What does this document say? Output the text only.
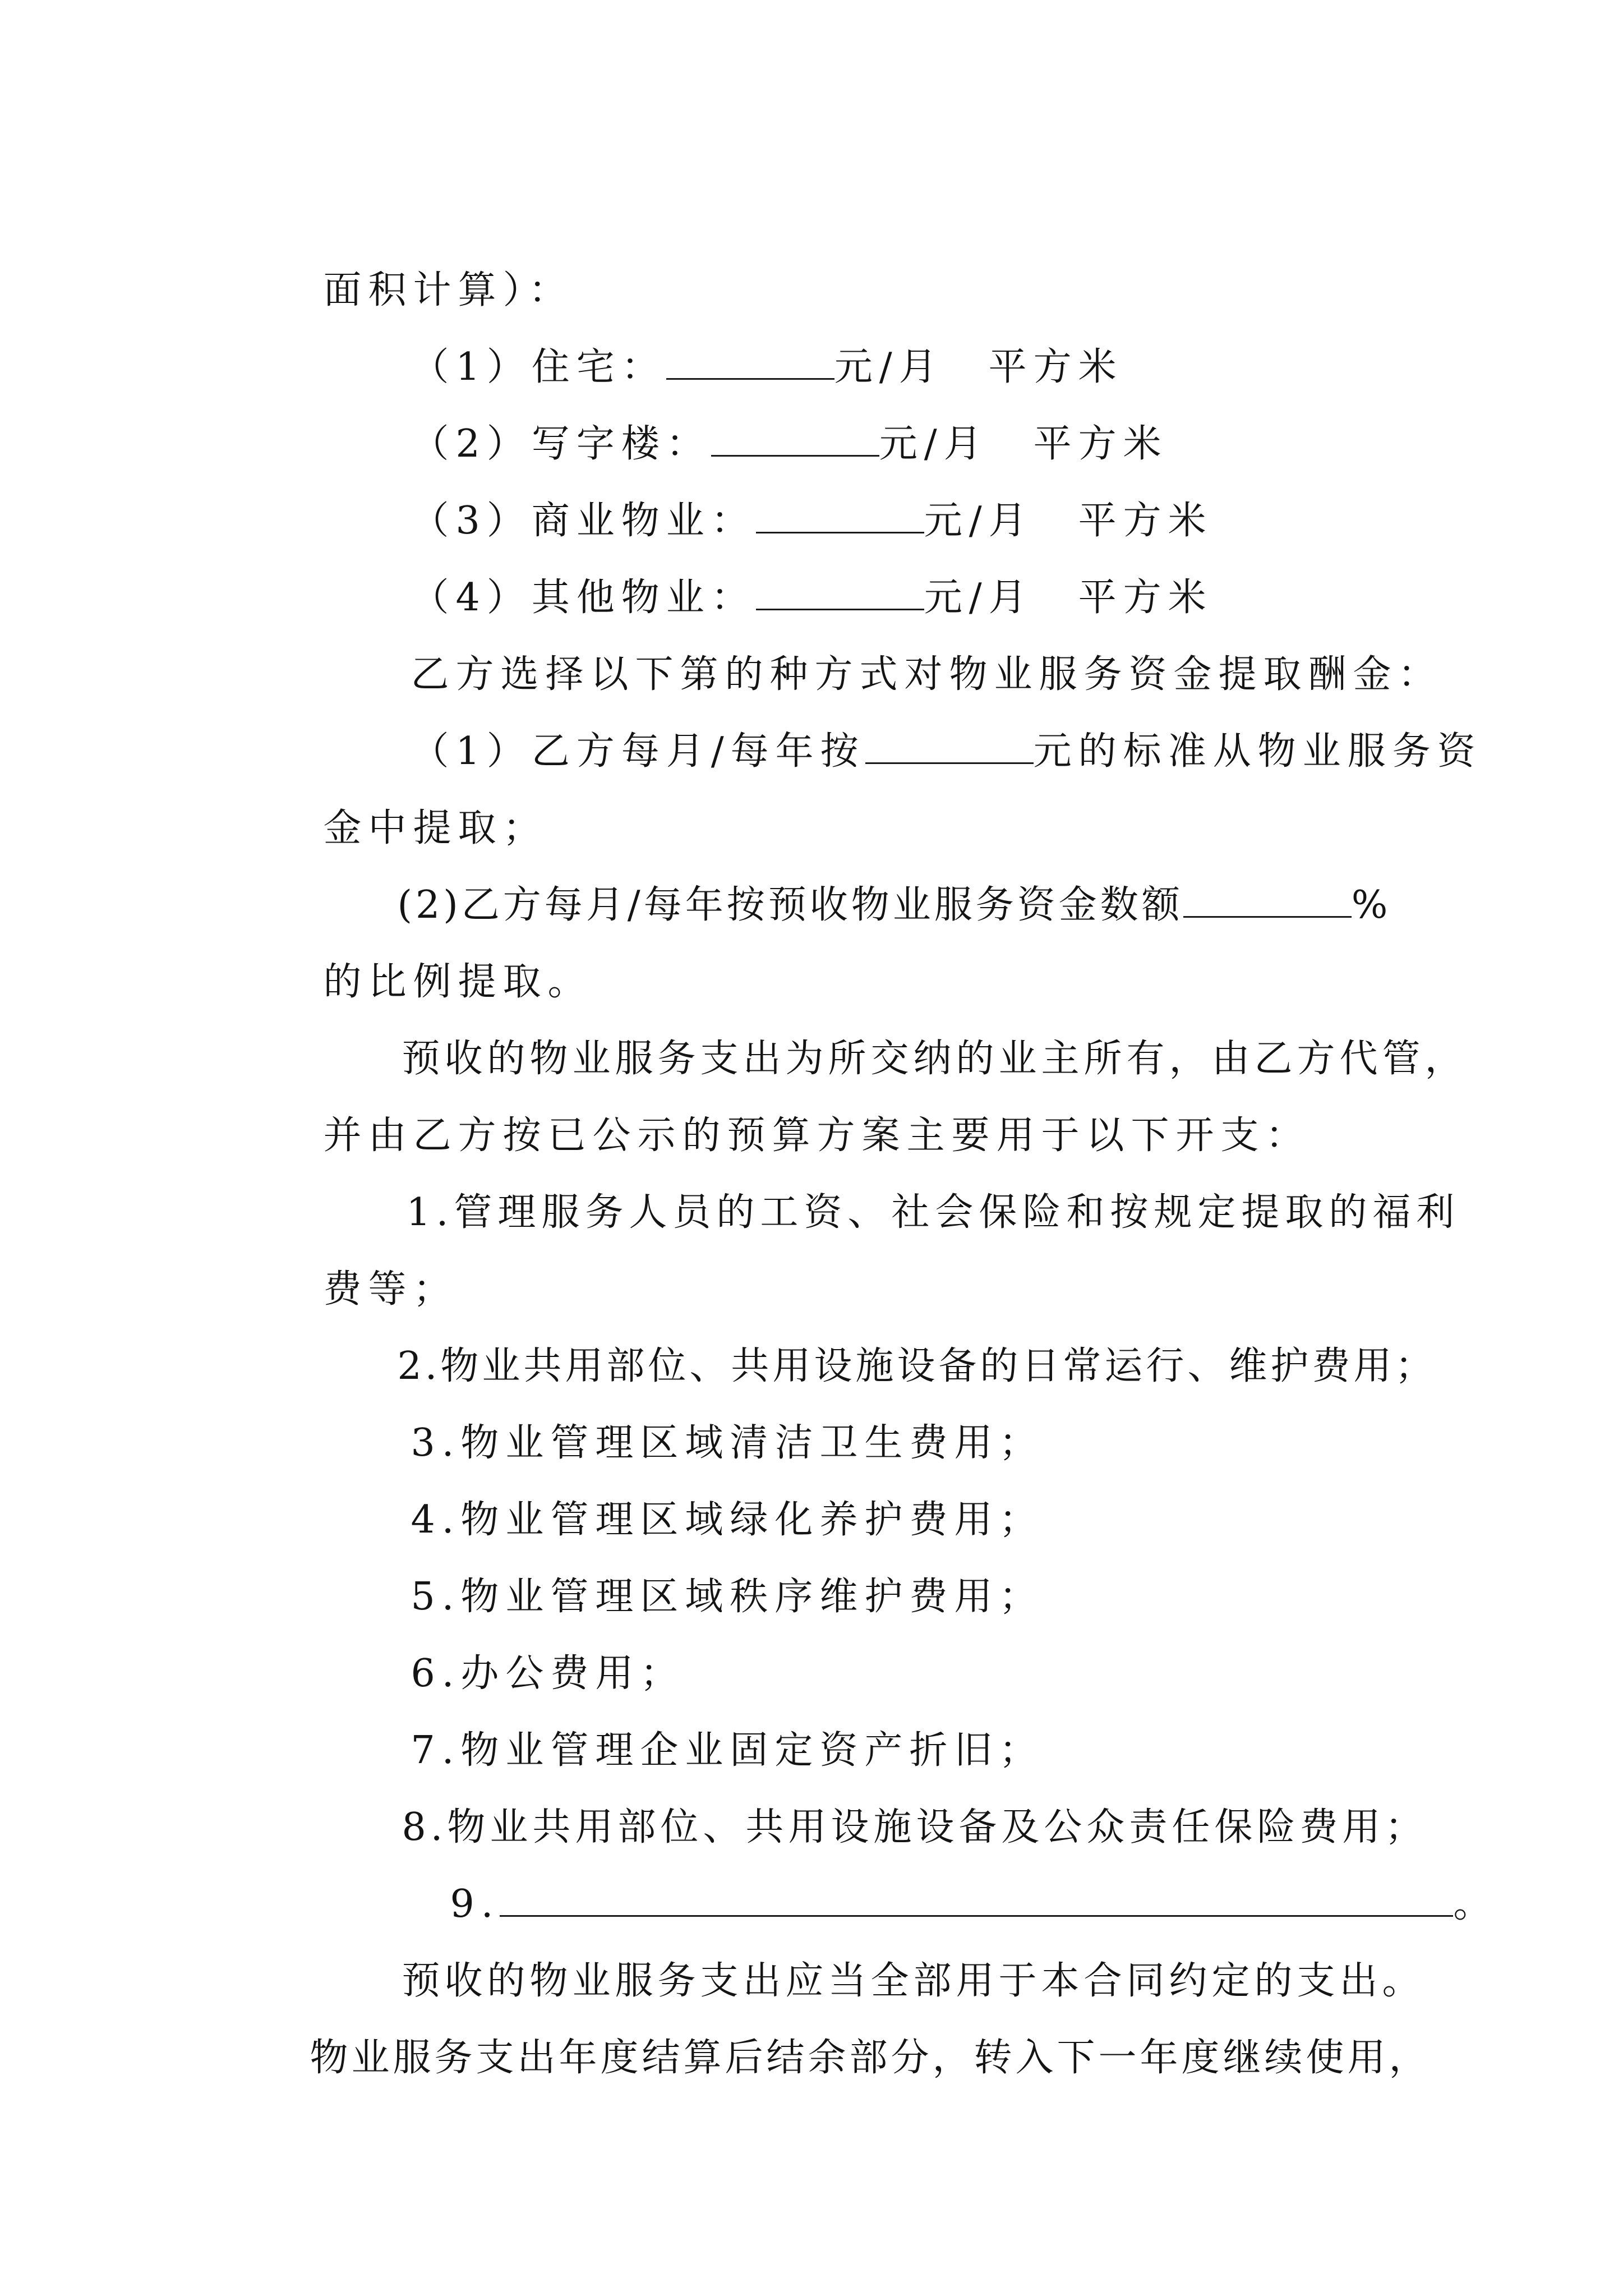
面积计算）：

（1）住宅：	元/月 平方米

（2）写字楼：	元/月 平方米

（3）商业物业：	元/月 平方米

（4）其他物业：	元/月 平方米

乙方选择以下第的种方式对物业服务资金提取酬金：

（1）乙方每月/每年按	元的标准从物业服务资

金中提取；

(2)乙方每月/每年按预收物业服务资金数额	%

的比例提取。

预收的物业服务支出为所交纳的业主所有，由乙方代管，

并由乙方按已公示的预算方案主要用于以下开支：

1.管理服务人员的工资、社会保险和按规定提取的福利

费等；

2.物业共用部位、共用设施设备的日常运行、维护费用；

3.物业管理区域清洁卫生费用；

4.物业管理区域绿化养护费用；

5.物业管理区域秩序维护费用；

6.办公费用；

7.物业管理企业固定资产折旧；

8.物业共用部位、共用设施设备及公众责任保险费用；

9.	。

预收的物业服务支出应当全部用于本合同约定的支出。

物业服务支出年度结算后结余部分，转入下一年度继续使用，
